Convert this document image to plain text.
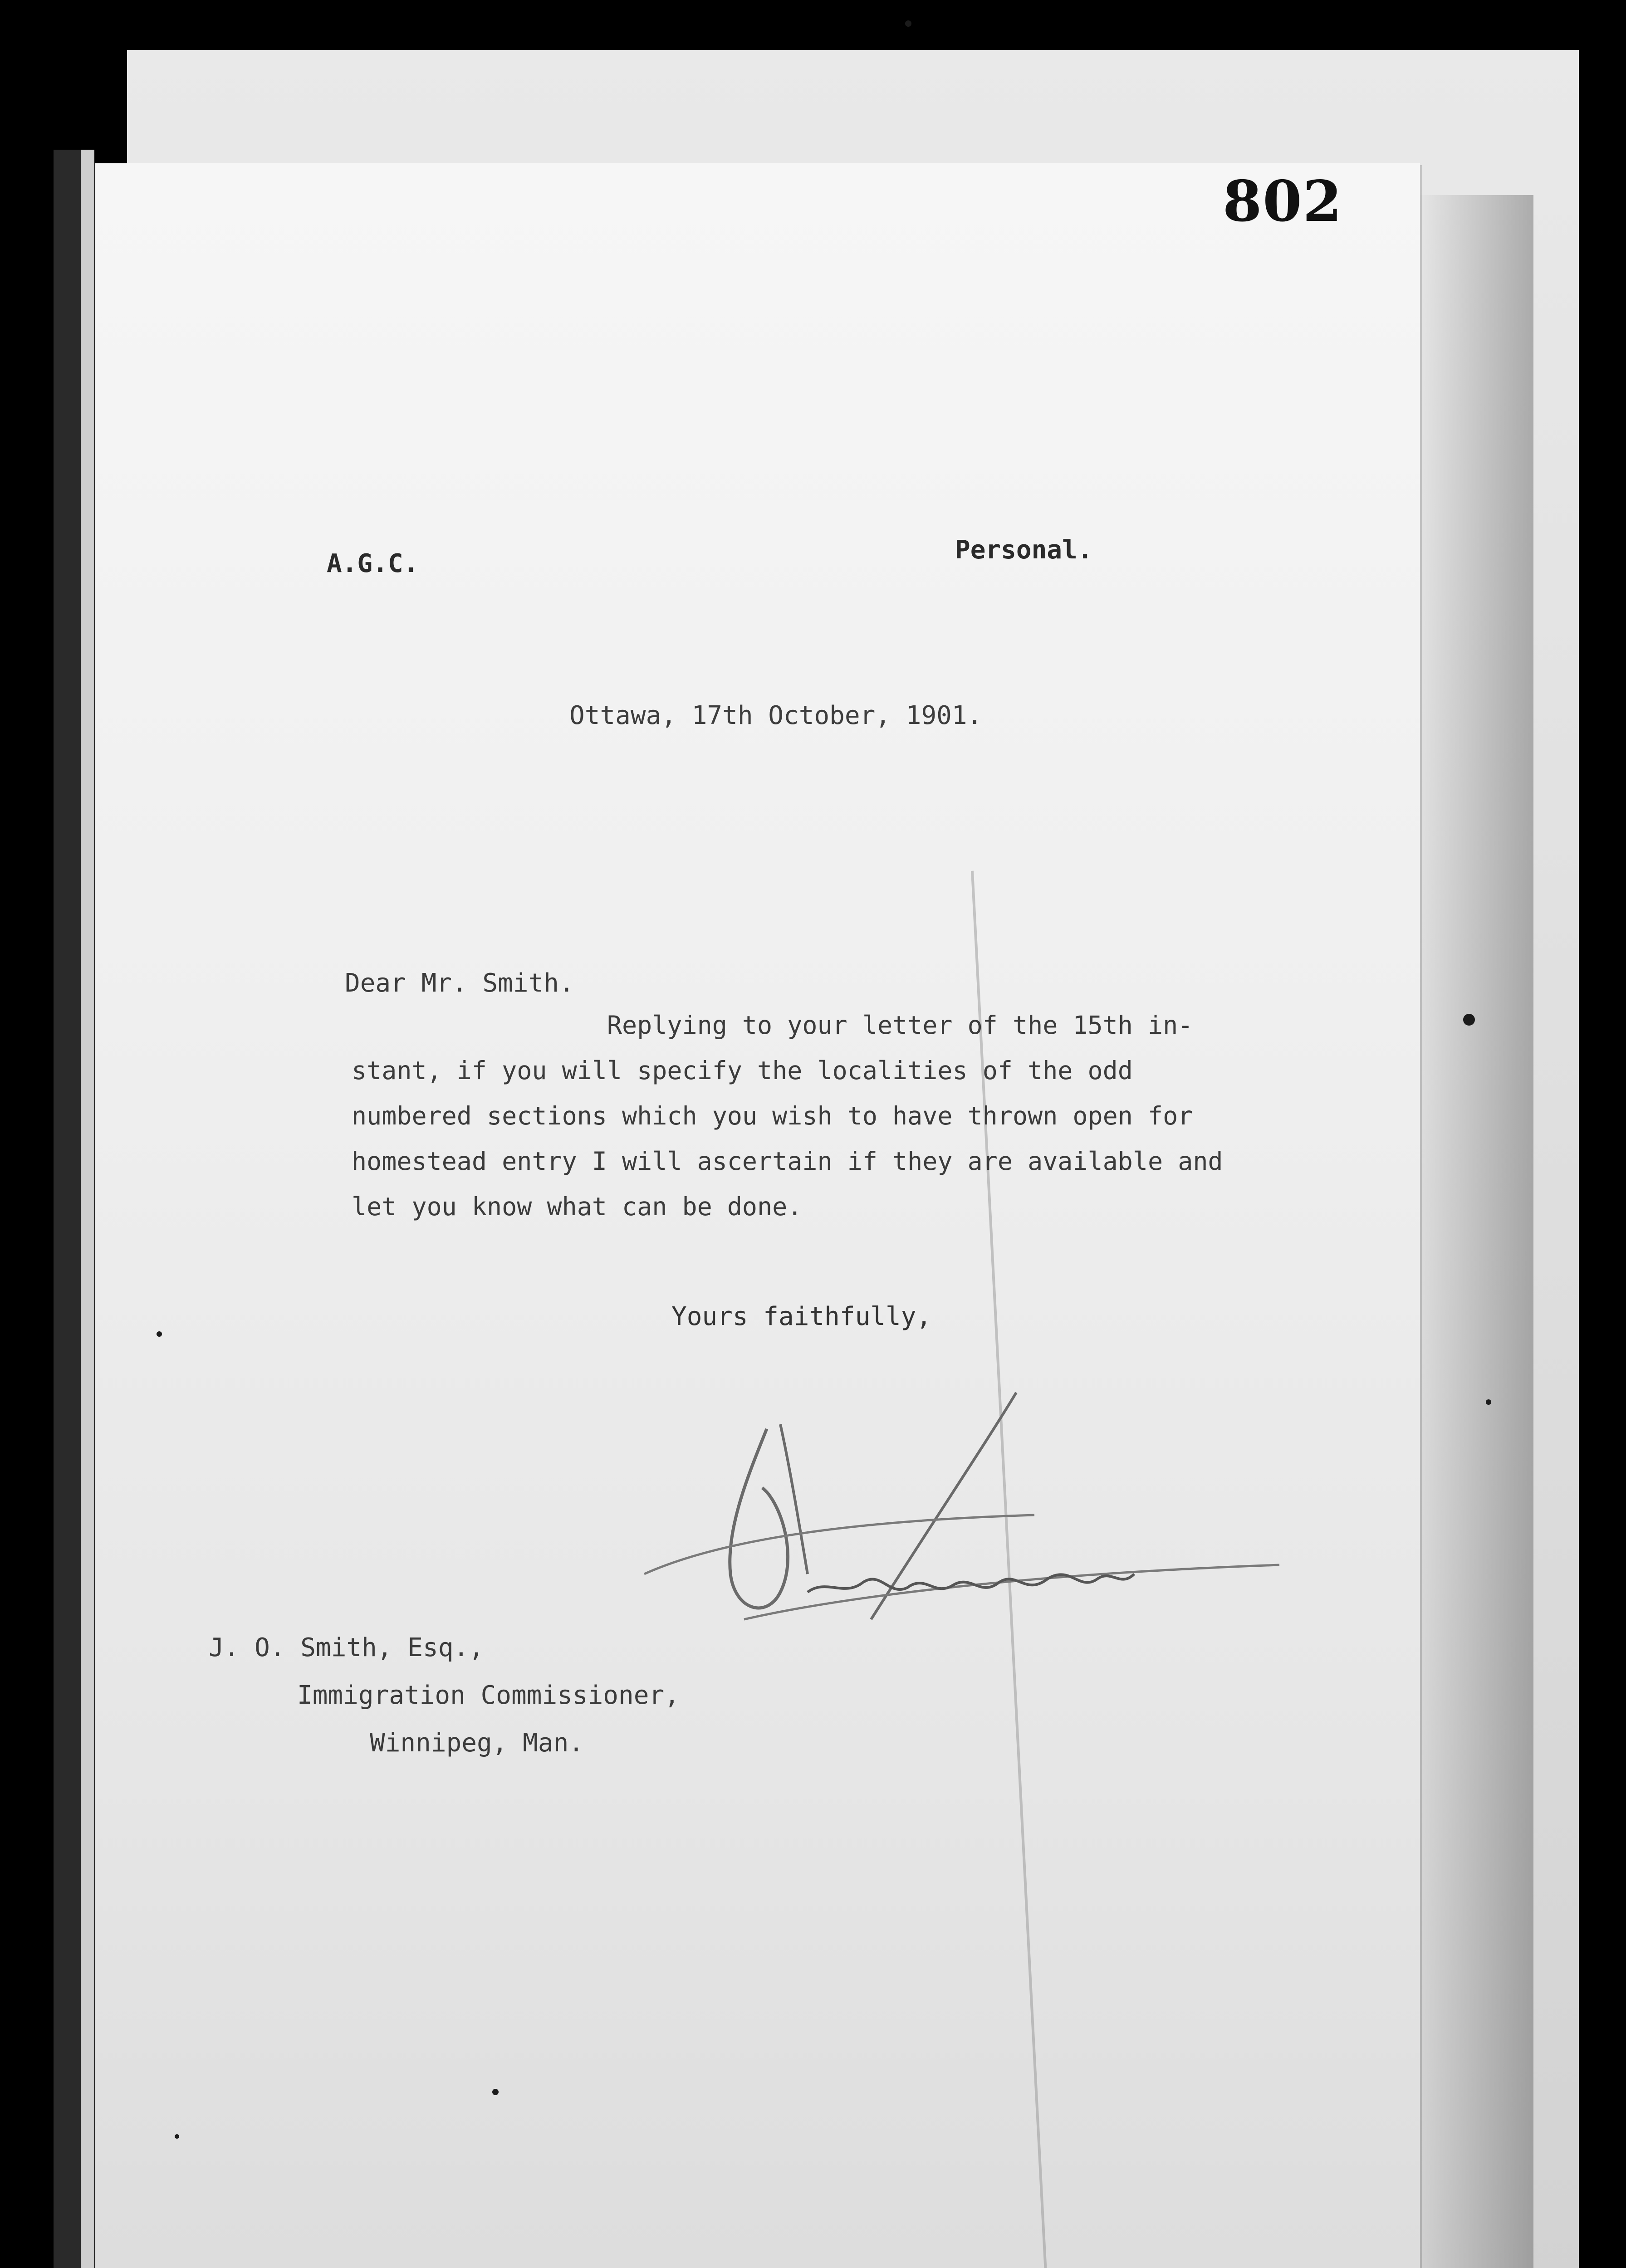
802
A.G.C.	Personal.
Ottawa, 17th October, 1901.
Dear Mr. Smith.
Replying to your letter of the 15th in-
stant, if you will specify the localities of the odd
numbered sections which you wish to have thrown open for
homestead entry I will ascertain if they are available and
let you know what can be done.
Yours faithfully,
J. O. Smith, Esq.,
Immigration Commissioner,
Winnipeg, Man.
